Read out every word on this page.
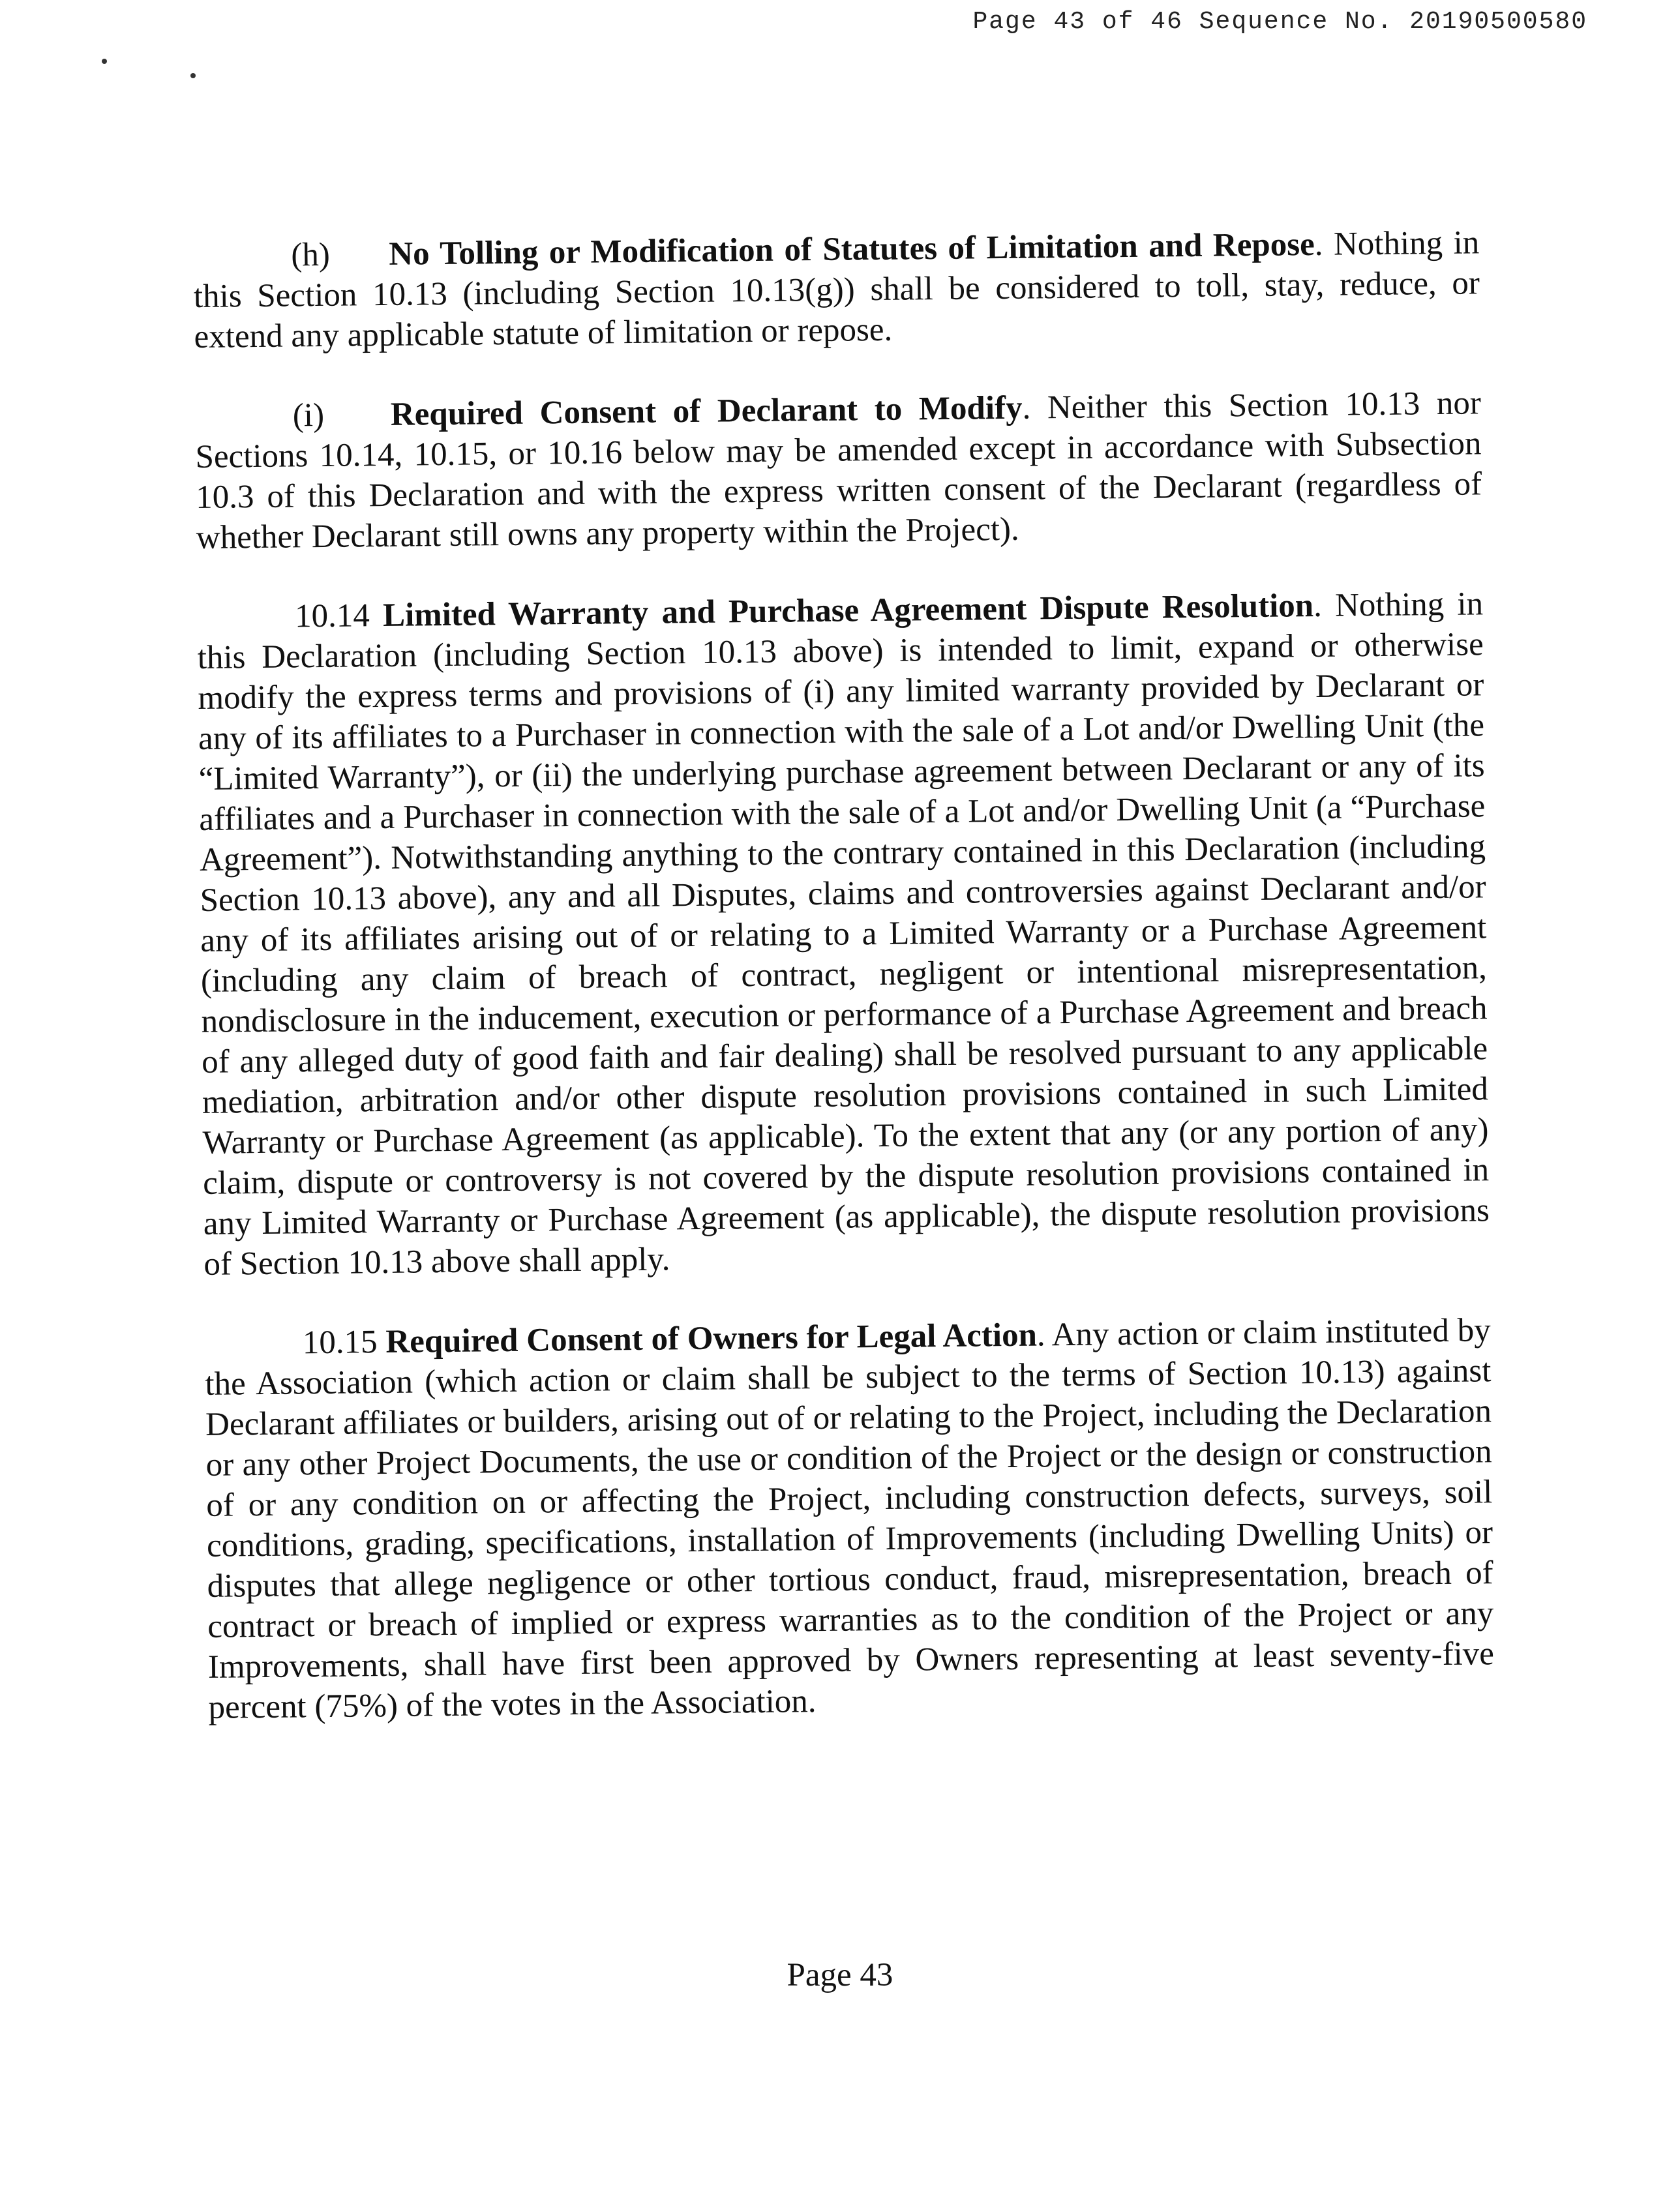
Page 43 of 46 Sequence No. 20190500580

(h) No Tolling or Modification of Statutes of Limitation and Repose. Nothing in this Section 10.13 (including Section 10.13(g)) shall be considered to toll, stay, reduce, or extend any applicable statute of limitation or repose.

(i) Required Consent of Declarant to Modify. Neither this Section 10.13 nor Sections 10.14, 10.15, or 10.16 below may be amended except in accordance with Subsection 10.3 of this Declaration and with the express written consent of the Declarant (regardless of whether Declarant still owns any property within the Project).

10.14 Limited Warranty and Purchase Agreement Dispute Resolution. Nothing in this Declaration (including Section 10.13 above) is intended to limit, expand or otherwise modify the express terms and provisions of (i) any limited warranty provided by Declarant or any of its affiliates to a Purchaser in connection with the sale of a Lot and/or Dwelling Unit (the “Limited Warranty”), or (ii) the underlying purchase agreement between Declarant or any of its affiliates and a Purchaser in connection with the sale of a Lot and/or Dwelling Unit (a “Purchase Agreement”). Notwithstanding anything to the contrary contained in this Declaration (including Section 10.13 above), any and all Disputes, claims and controversies against Declarant and/or any of its affiliates arising out of or relating to a Limited Warranty or a Purchase Agreement (including any claim of breach of contract, negligent or intentional misrepresentation, nondisclosure in the inducement, execution or performance of a Purchase Agreement and breach of any alleged duty of good faith and fair dealing) shall be resolved pursuant to any applicable mediation, arbitration and/or other dispute resolution provisions contained in such Limited Warranty or Purchase Agreement (as applicable). To the extent that any (or any portion of any) claim, dispute or controversy is not covered by the dispute resolution provisions contained in any Limited Warranty or Purchase Agreement (as applicable), the dispute resolution provisions of Section 10.13 above shall apply.

10.15 Required Consent of Owners for Legal Action. Any action or claim instituted by the Association (which action or claim shall be subject to the terms of Section 10.13) against Declarant affiliates or builders, arising out of or relating to the Project, including the Declaration or any other Project Documents, the use or condition of the Project or the design or construction of or any condition on or affecting the Project, including construction defects, surveys, soil conditions, grading, specifications, installation of Improvements (including Dwelling Units) or disputes that allege negligence or other tortious conduct, fraud, misrepresentation, breach of contract or breach of implied or express warranties as to the condition of the Project or any Improvements, shall have first been approved by Owners representing at least seventy-five percent (75%) of the votes in the Association.

Page 43
